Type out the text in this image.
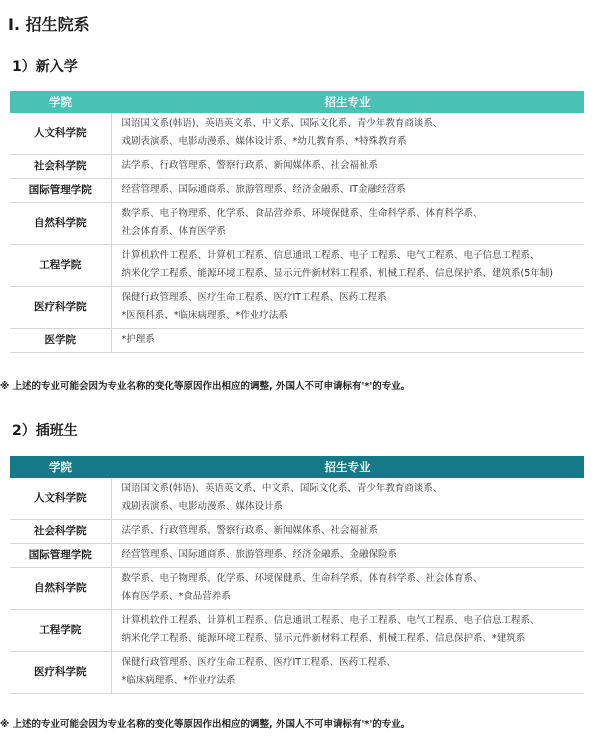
Ⅰ. 招生院系
1）新入学
学院	招生专业
人文科学院	国语国文系(韩语)、英语英文系、中文系、国际文化系、青少年教育商谈系、
戏剧表演系、电影动漫系、媒体设计系、*幼儿教育系、*特殊教育系
社会科学院	法学系、行政管理系、警察行政系、新闻媒体系、社会福祉系
国际管理学院	经营管理系、国际通商系、旅游管理系、经济金融系、IT金融经营系
自然科学院	数学系、电子物理系、化学系、食品营养系、环境保健系、生命科学系、体育科学系、
社会体育系、体育医学系
工程学院	计算机软件工程系、计算机工程系、信息通讯工程系、电子工程系、电气工程系、电子信息工程系、
纳米化学工程系、能源环境工程系、显示元件新材料工程系、机械工程系、信息保护系、建筑系(5年制)
医疗科学院	保健行政管理系、医疗生命工程系、医疗IT工程系、医药工程系
*医预科系、*临床病理系、*作业疗法系
医学院	*护理系
※ 上述的专业可能会因为专业名称的变化等原因作出相应的调整, 外国人不可申请标有'*'的专业。
2）插班生
学院	招生专业
人文科学院	国语国文系(韩语)、英语英文系、中文系、国际文化系、青少年教育商谈系、
戏剧表演系、电影动漫系、媒体设计系
社会科学院	法学系、行政管理系、警察行政系、新闻媒体系、社会福祉系
国际管理学院	经营管理系、国际通商系、旅游管理系、经济金融系、金融保险系
自然科学院	数学系、电子物理系、化学系、环境保健系、生命科学系、体育科学系、社会体育系、
体育医学系、*食品营养系
工程学院	计算机软件工程系、计算机工程系、信息通讯工程系、电子工程系、电气工程系、电子信息工程系、
纳米化学工程系、能源环境工程系、显示元件新材料工程系、机械工程系、信息保护系、*建筑系
医疗科学院	保健行政管理系、医疗生命工程系、医疗IT工程系、医药工程系、
*临床病理系、*作业疗法系
※ 上述的专业可能会因为专业名称的变化等原因作出相应的调整, 外国人不可申请标有'*'的专业。
